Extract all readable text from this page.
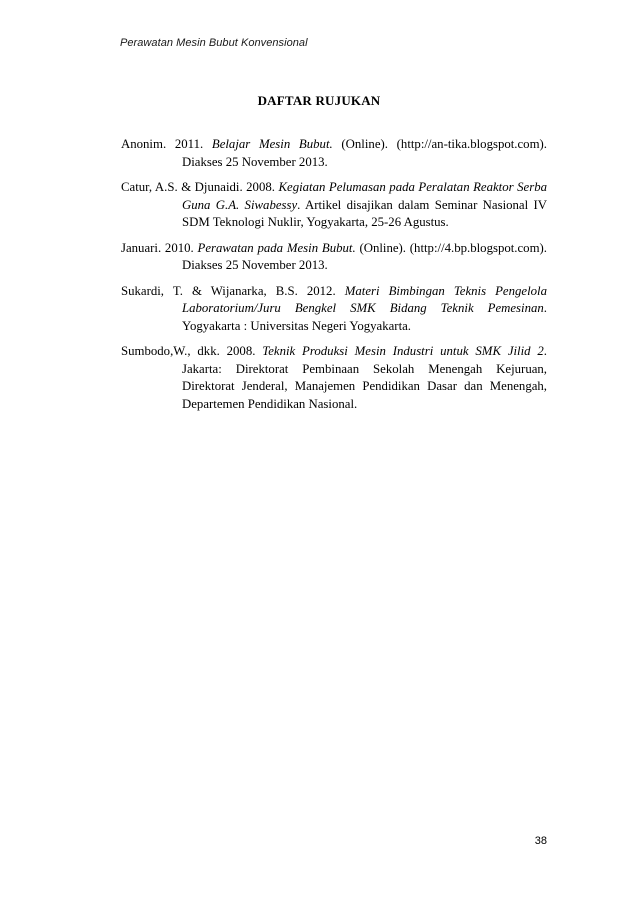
Perawatan Mesin Bubut Konvensional
DAFTAR RUJUKAN

Anonim. 2011. Belajar Mesin Bubut. (Online). (http://an-tika.blogspot.com). Diakses 25 November 2013.

Catur, A.S. & Djunaidi. 2008. Kegiatan Pelumasan pada Peralatan Reaktor Serba Guna G.A. Siwabessy. Artikel disajikan dalam Seminar Nasional IV SDM Teknologi Nuklir, Yogyakarta, 25-26 Agustus.

Januari. 2010. Perawatan pada Mesin Bubut. (Online). (http://4.bp.blogspot.com). Diakses 25 November 2013.

Sukardi, T. & Wijanarka, B.S. 2012. Materi Bimbingan Teknis Pengelola Laboratorium/Juru Bengkel SMK Bidang Teknik Pemesinan. Yogyakarta : Universitas Negeri Yogyakarta.

Sumbodo,W., dkk. 2008. Teknik Produksi Mesin Industri untuk SMK Jilid 2. Jakarta: Direktorat Pembinaan Sekolah Menengah Kejuruan, Direktorat Jenderal, Manajemen Pendidikan Dasar dan Menengah, Departemen Pendidikan Nasional.

38
